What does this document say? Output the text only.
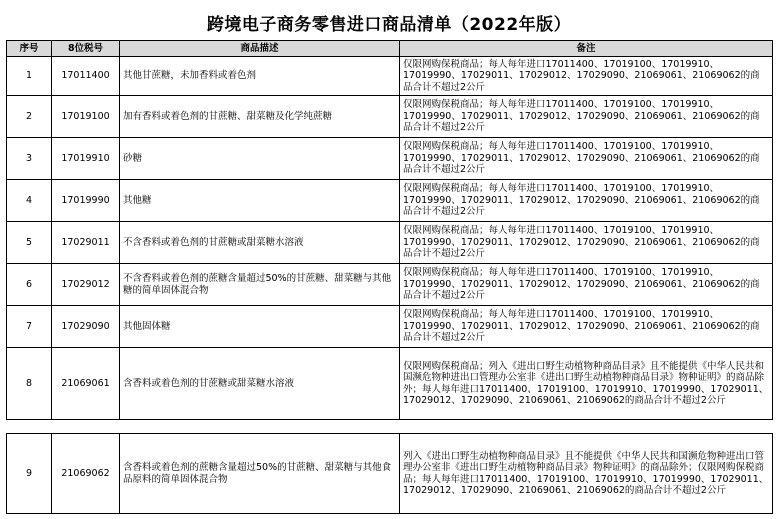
跨境电子商务零售进口商品清单（2022年版）
序号	8位税号	商品描述	备注
1	17011400	其他甘蔗糖，未加香料或着色剂	仅限网购保税商品；每人每年进口17011400、17019100、17019910、17019990、17029011、17029012、17029090、21069061、21069062的商品合计不超过2公斤
2	17019100	加有香料或着色剂的甘蔗糖、甜菜糖及化学纯蔗糖	仅限网购保税商品；每人每年进口17011400、17019100、17019910、17019990、17029011、17029012、17029090、21069061、21069062的商品合计不超过2公斤
3	17019910	砂糖	仅限网购保税商品；每人每年进口17011400、17019100、17019910、17019990、17029011、17029012、17029090、21069061、21069062的商品合计不超过2公斤
4	17019990	其他糖	仅限网购保税商品；每人每年进口17011400、17019100、17019910、17019990、17029011、17029012、17029090、21069061、21069062的商品合计不超过2公斤
5	17029011	不含香料或着色剂的甘蔗糖或甜菜糖水溶液	仅限网购保税商品；每人每年进口17011400、17019100、17019910、17019990、17029011、17029012、17029090、21069061、21069062的商品合计不超过2公斤
6	17029012	不含香料或着色剂的蔗糖含量超过50%的甘蔗糖、甜菜糖与其他糖的简单固体混合物	仅限网购保税商品；每人每年进口17011400、17019100、17019910、17019990、17029011、17029012、17029090、21069061、21069062的商品合计不超过2公斤
7	17029090	其他固体糖	仅限网购保税商品；每人每年进口17011400、17019100、17019910、17019990、17029011、17029012、17029090、21069061、21069062的商品合计不超过2公斤
8	21069061	含香料或着色剂的甘蔗糖或甜菜糖水溶液	仅限网购保税商品；列入《进出口野生动植物种商品目录》且不能提供《中华人民共和国濒危物种进出口管理办公室非《进出口野生动植物种商品目录》物种证明》的商品除外；每人每年进口17011400、17019100、17019910、17019990、17029011、17029012、17029090、21069061、21069062的商品合计不超过2公斤
9	21069062	含香料或着色剂的蔗糖含量超过50%的甘蔗糖、甜菜糖与其他食品原料的简单固体混合物	列入《进出口野生动植物种商品目录》且不能提供《中华人民共和国濒危物种进出口管理办公室非《进出口野生动植物种商品目录》物种证明》的商品除外；仅限网购保税商品；每人每年进口17011400、17019100、17019910、17019990、17029011、17029012、17029090、21069061、21069062的商品合计不超过2公斤
